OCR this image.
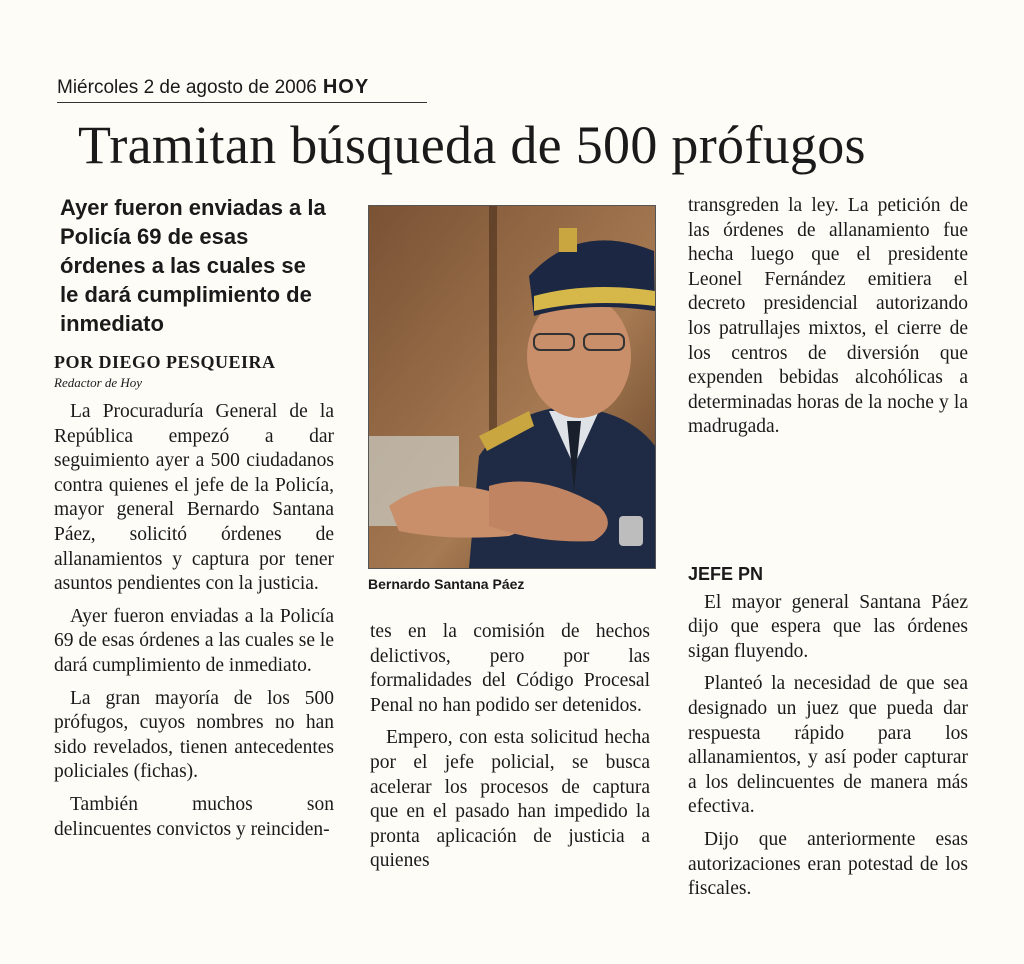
Miércoles 2 de agosto de 2006 HOY
Tramitan búsqueda de 500 prófugos
Ayer fueron enviadas a la Policía 69 de esas órdenes a las cuales se le dará cumplimiento de inmediato
POR DIEGO PESQUEIRA
Redactor de Hoy

La Procuraduría General de la República empezó a dar seguimiento ayer a 500 ciudadanos contra quienes el jefe de la Policía, mayor general Bernardo Santana Páez, solicitó órdenes de allanamientos y captura por tener asuntos pendientes con la justicia.

Ayer fueron enviadas a la Policía 69 de esas órdenes a las cuales se le dará cumplimiento de inmediato.

La gran mayoría de los 500 prófugos, cuyos nombres no han sido revelados, tienen antecedentes policiales (fichas).

También muchos son delincuentes convictos y reinciden-

Bernardo Santana Páez

tes en la comisión de hechos delictivos, pero por las formalidades del Código Procesal Penal no han podido ser detenidos.

Empero, con esta solicitud hecha por el jefe policial, se busca acelerar los procesos de captura que en el pasado han impedido la pronta aplicación de justicia a quienes

transgreden la ley. La petición de las órdenes de allanamiento fue hecha luego que el presidente Leonel Fernández emitiera el decreto presidencial autorizando los patrullajes mixtos, el cierre de los centros de diversión que expenden bebidas alcohólicas a determinadas horas de la noche y la madrugada.

JEFE PN

El mayor general Santana Páez dijo que espera que las órdenes sigan fluyendo.

Planteó la necesidad de que sea designado un juez que pueda dar respuesta rápido para los allanamientos, y así poder capturar a los delincuentes de manera más efectiva.

Dijo que anteriormente esas autorizaciones eran potestad de los fiscales.
